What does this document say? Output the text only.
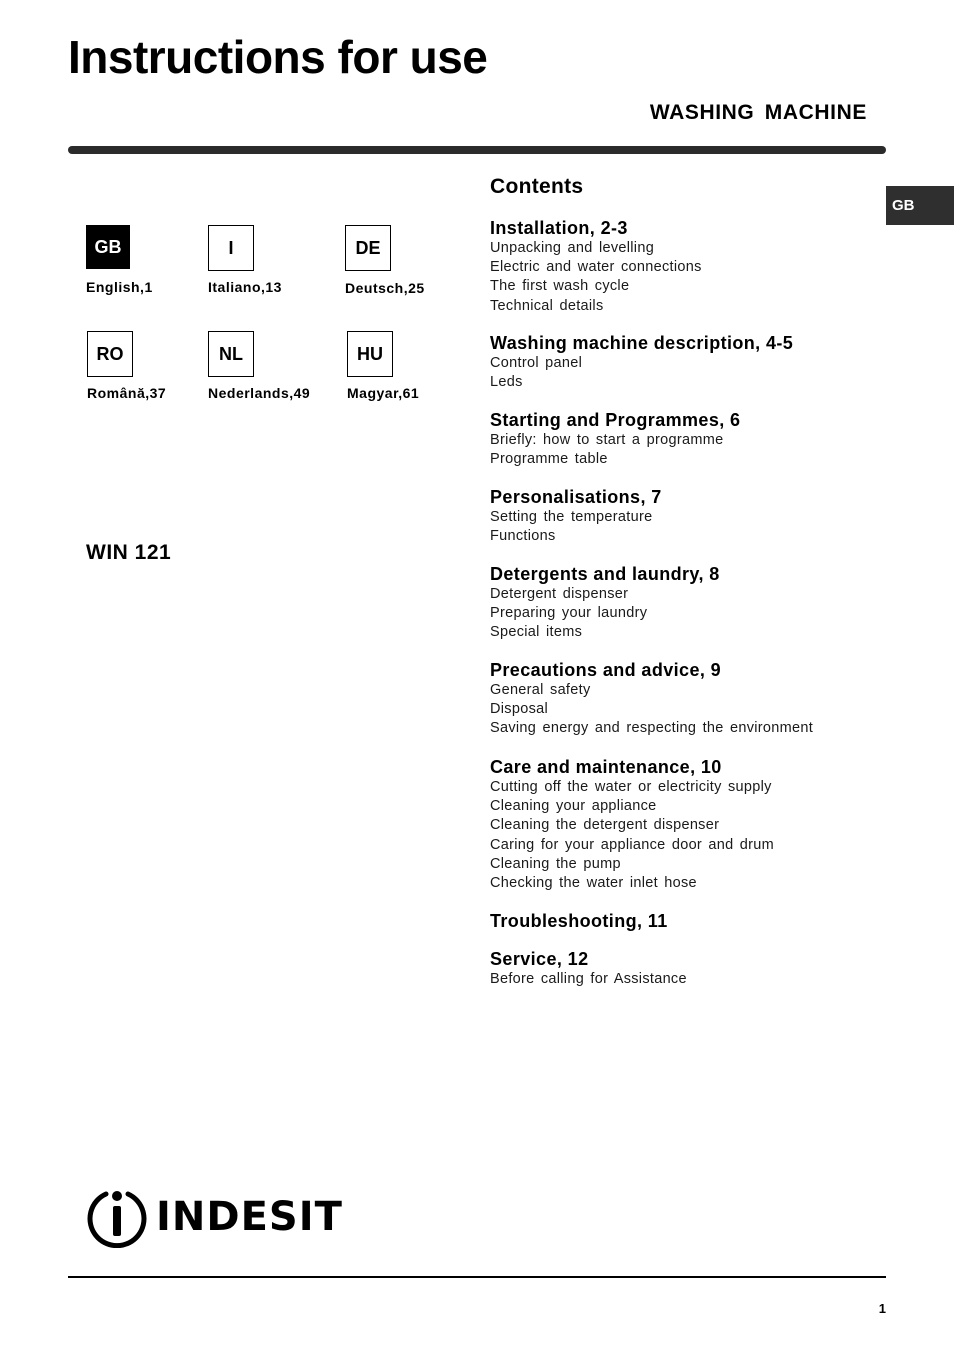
Instructions for use
WASHING MACHINE
GB
GB
English,1
I
Italiano,13
DE
Deutsch,25
RO
Română,37
NL
Nederlands,49
HU
Magyar,61
WIN 121
Contents
Installation, 2-3
Unpacking and levelling
Electric and water connections
The first wash cycle
Technical details
Washing machine description, 4-5
Control panel
Leds
Starting and Programmes, 6
Briefly: how to start a programme
Programme table
Personalisations, 7
Setting the temperature
Functions
Detergents and laundry, 8
Detergent dispenser
Preparing your laundry
Special items
Precautions and advice, 9
General safety
Disposal
Saving energy and respecting the environment
Care and maintenance, 10
Cutting off the water or electricity supply
Cleaning your appliance
Cleaning the detergent dispenser
Caring for your appliance door and drum
Cleaning the pump
Checking the water inlet hose
Troubleshooting, 11
Service, 12
Before calling for Assistance
INDESIT
1
